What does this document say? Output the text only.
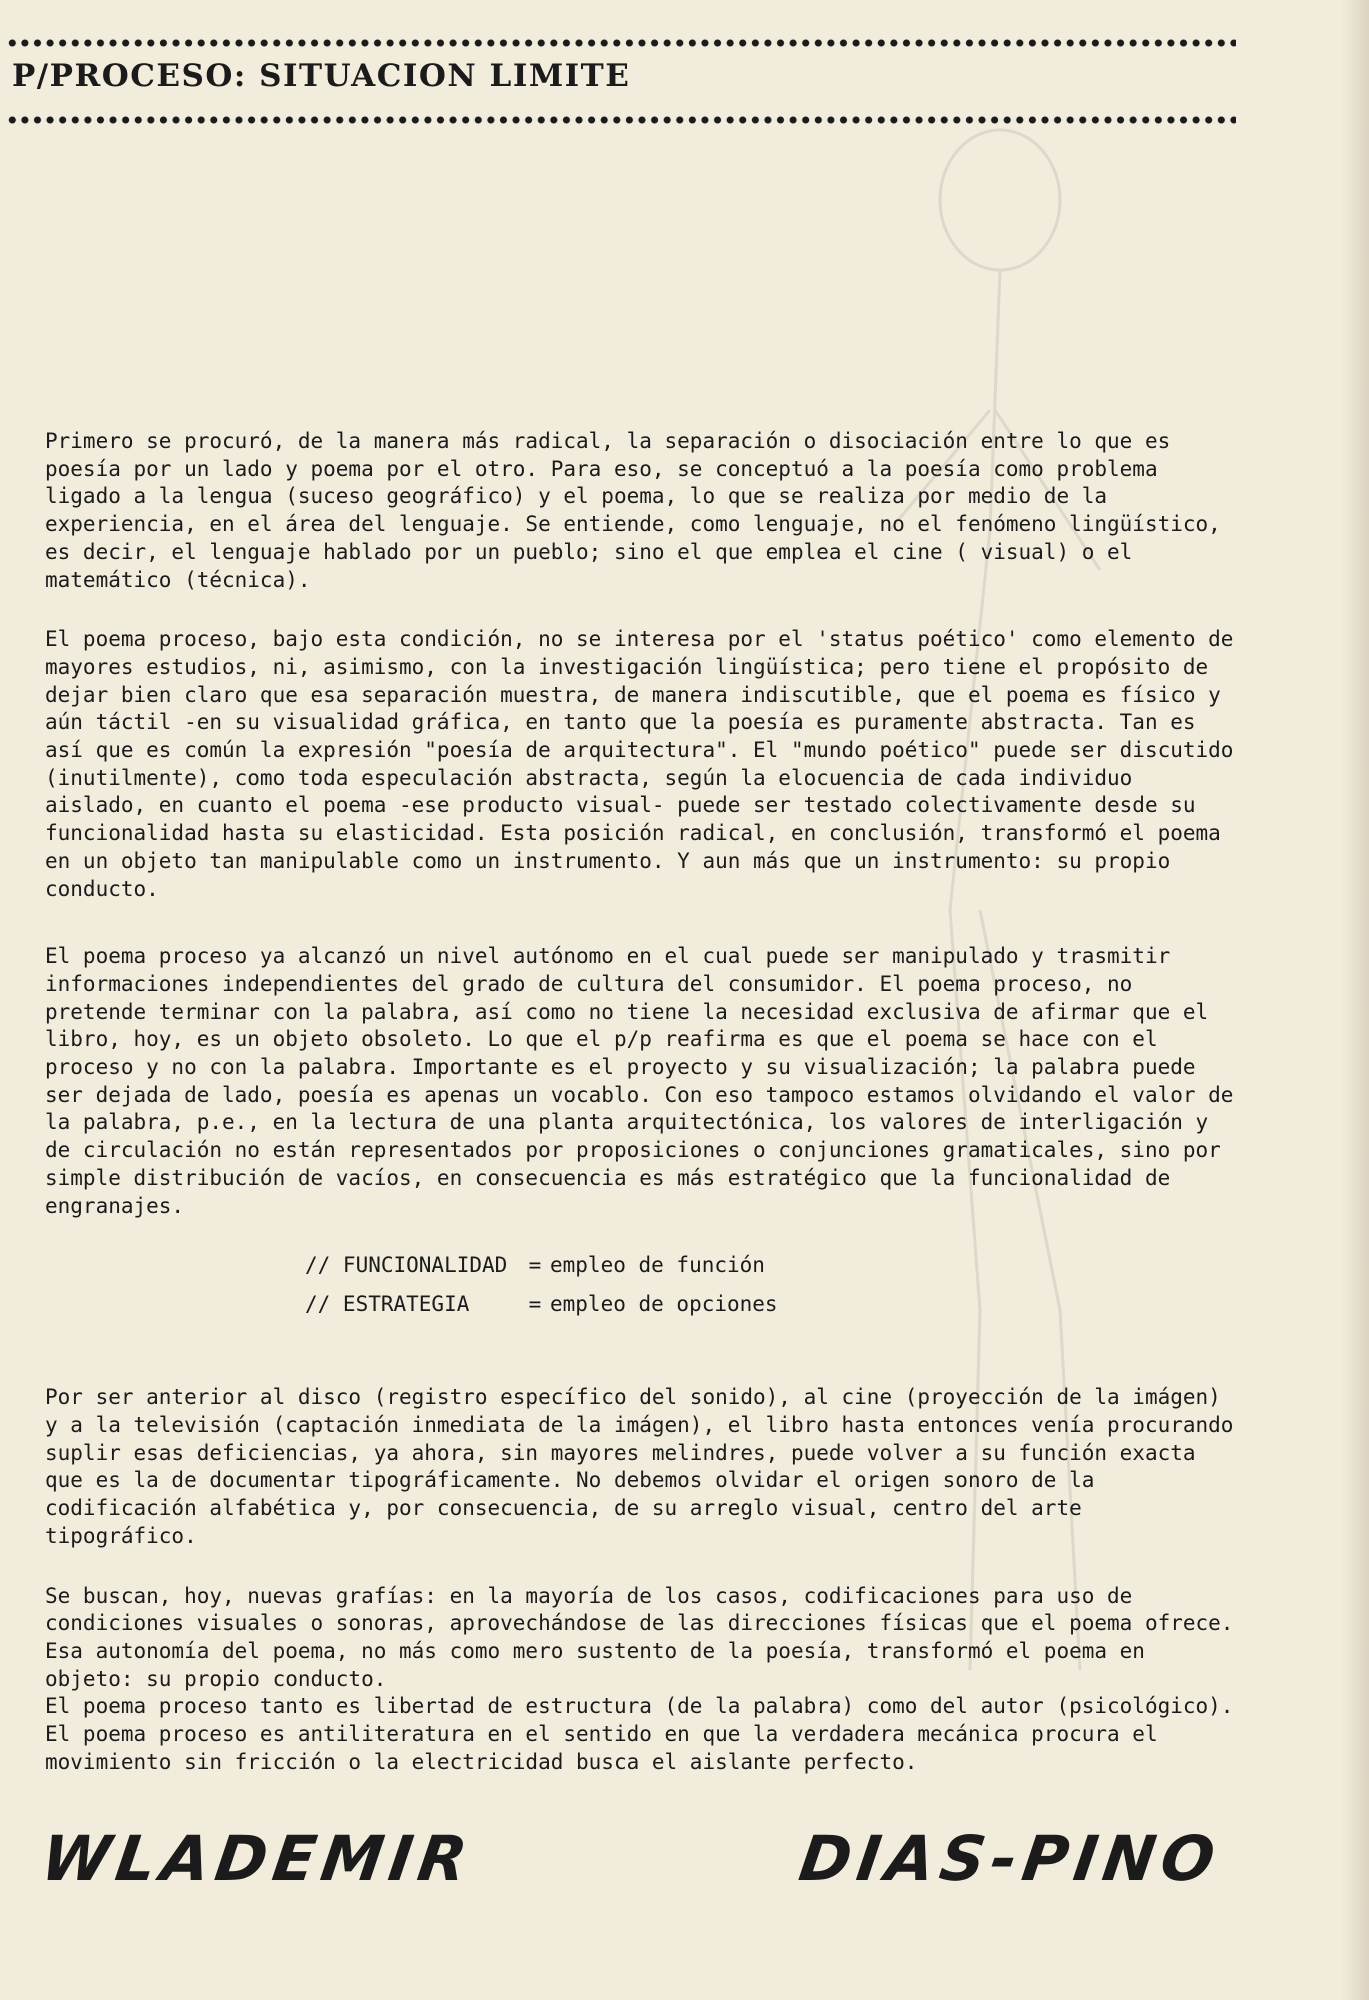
P/PROCESO: SITUACION LIMITE

Primero se procuró, de la manera más radical, la separación o disociación entre lo que es poesía por un lado y poema por el otro. Para eso, se conceptuó a la poesía como problema ligado a la lengua (suceso geográfico) y el poema, lo que se realiza por medio de la experiencia, en el área del lenguaje. Se entiende, como lenguaje, no el fenómeno lingüístico, es decir, el lenguaje hablado por un pueblo; sino el que emplea el cine ( visual) o el matemático (técnica).

El poema proceso, bajo esta condición, no se interesa por el 'status poético' como elemento de mayores estudios, ni, asimismo, con la investigación lingüística; pero tiene el propósito de dejar bien claro que esa separación muestra, de manera indiscutible, que el poema es físico y aún táctil -en su visualidad gráfica, en tanto que la poesía es puramente abstracta. Tan es así que es común la expresión "poesía de arquitectura". El "mundo poético" puede ser discutido (inutilmente), como toda especulación abstracta, según la elocuencia de cada individuo aislado, en cuanto el poema -ese producto visual- puede ser testado colectivamente desde su funcionalidad hasta su elasticidad. Esta posición radical, en conclusión, transformó el poema en un objeto tan manipulable como un instrumento. Y aun más que un instrumento: su propio conducto.

El poema proceso ya alcanzó un nivel autónomo en el cual puede ser manipulado y trasmitir informaciones independientes del grado de cultura del consumidor. El poema proceso, no pretende terminar con la palabra, así como no tiene la necesidad exclusiva de afirmar que el libro, hoy, es un objeto obsoleto. Lo que el p/p reafirma es que el poema se hace con el proceso y no con la palabra. Importante es el proyecto y su visualización; la palabra puede ser dejada de lado, poesía es apenas un vocablo. Con eso tampoco estamos olvidando el valor de la palabra, p.e., en la lectura de una planta arquitectónica, los valores de interligación y de circulación no están representados por proposiciones o conjunciones gramaticales, sino por simple distribución de vacíos, en consecuencia es más estratégico que la funcionalidad de engranajes.

// FUNCIONALIDAD = empleo de función
// ESTRATEGIA	= empleo de opciones

Por ser anterior al disco (registro específico del sonido), al cine (proyección de la imágen) y a la televisión (captación inmediata de la imágen), el libro hasta entonces venía procurando suplir esas deficiencias, ya ahora, sin mayores melindres, puede volver a su función exacta que es la de documentar tipográficamente. No debemos olvidar el origen sonoro de la codificación alfabética y, por consecuencia, de su arreglo visual, centro del arte tipográfico.

Se buscan, hoy, nuevas grafías: en la mayoría de los casos, codificaciones para uso de condiciones visuales o sonoras, aprovechándose de las direcciones físicas que el poema ofrece. Esa autonomía del poema, no más como mero sustento de la poesía, transformó el poema en objeto: su propio conducto.

El poema proceso tanto es libertad de estructura (de la palabra) como del autor (psicológico). El poema proceso es antiliteratura en el sentido en que la verdadera mecánica procura el movimiento sin fricción o la electricidad busca el aislante perfecto.

WLADEMIR	DIAS-PINO
